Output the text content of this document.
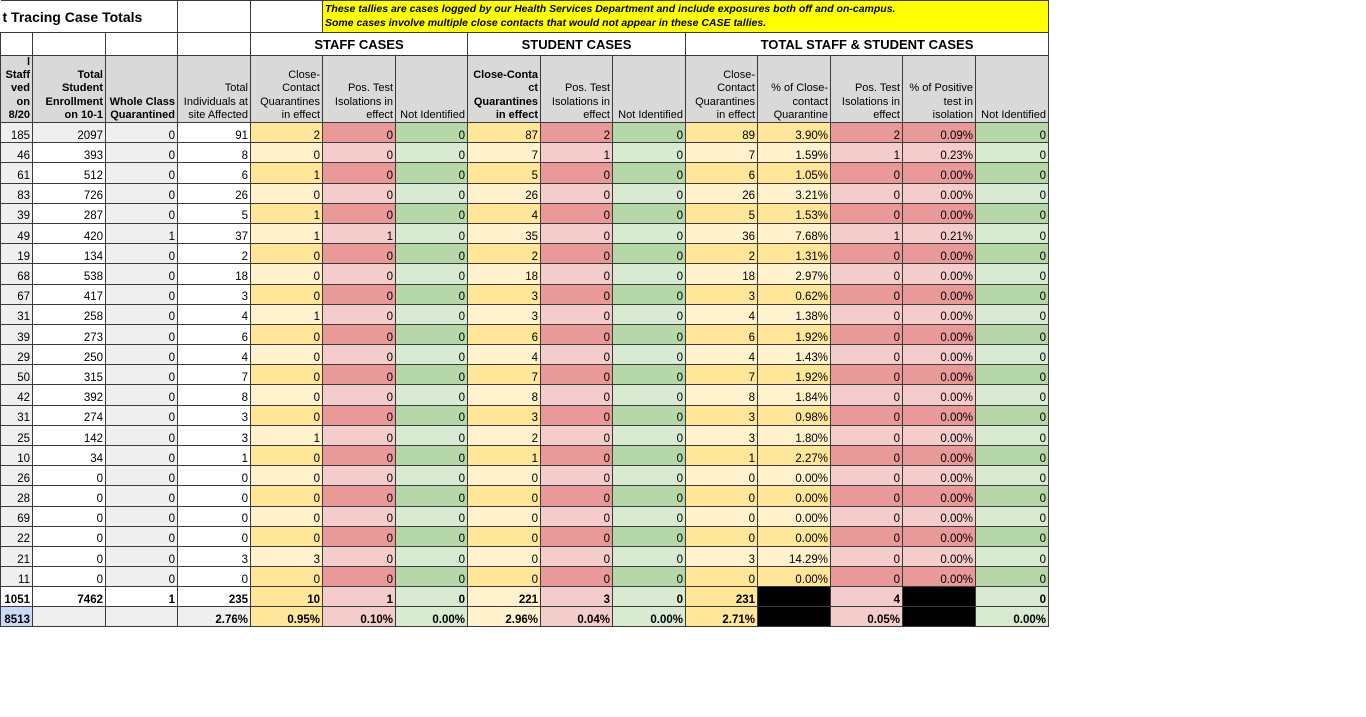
t Tracing Case Totals					These tallies are cases logged by our Health Services Department and include exposures both off and on-campus.
Some cases involve multiple close contacts that would not appear in these CASE tallies.									
				STAFF CASES			STUDENT CASES			TOTAL STAFF & STUDENT CASES				
l Staff ved on 8/20	Total Student Enrollment on 10-1	Whole Class Quarantined	Total Individuals at site Affected	Close-Contact Quarantines in effect	Pos. Test Isolations in effect	Not Identified	Close-Conta ct Quarantines in effect	Pos. Test Isolations in effect	Not Identified	Close-Contact Quarantines in effect	% of Close-contact Quarantine	Pos. Test Isolations in effect	% of Positive test in isolation	Not Identified
185	2097	0	91	2	0	0	87	2	0	89	3.90%	2	0.09%	0
46	393	0	8	0	0	0	7	1	0	7	1.59%	1	0.23%	0
61	512	0	6	1	0	0	5	0	0	6	1.05%	0	0.00%	0
83	726	0	26	0	0	0	26	0	0	26	3.21%	0	0.00%	0
39	287	0	5	1	0	0	4	0	0	5	1.53%	0	0.00%	0
49	420	1	37	1	1	0	35	0	0	36	7.68%	1	0.21%	0
19	134	0	2	0	0	0	2	0	0	2	1.31%	0	0.00%	0
68	538	0	18	0	0	0	18	0	0	18	2.97%	0	0.00%	0
67	417	0	3	0	0	0	3	0	0	3	0.62%	0	0.00%	0
31	258	0	4	1	0	0	3	0	0	4	1.38%	0	0.00%	0
39	273	0	6	0	0	0	6	0	0	6	1.92%	0	0.00%	0
29	250	0	4	0	0	0	4	0	0	4	1.43%	0	0.00%	0
50	315	0	7	0	0	0	7	0	0	7	1.92%	0	0.00%	0
42	392	0	8	0	0	0	8	0	0	8	1.84%	0	0.00%	0
31	274	0	3	0	0	0	3	0	0	3	0.98%	0	0.00%	0
25	142	0	3	1	0	0	2	0	0	3	1.80%	0	0.00%	0
10	34	0	1	0	0	0	1	0	0	1	2.27%	0	0.00%	0
26	0	0	0	0	0	0	0	0	0	0	0.00%	0	0.00%	0
28	0	0	0	0	0	0	0	0	0	0	0.00%	0	0.00%	0
69	0	0	0	0	0	0	0	0	0	0	0.00%	0	0.00%	0
22	0	0	0	0	0	0	0	0	0	0	0.00%	0	0.00%	0
21	0	0	3	3	0	0	0	0	0	3	14.29%	0	0.00%	0
11	0	0	0	0	0	0	0	0	0	0	0.00%	0	0.00%	0
1051	7462	1	235	10	1	0	221	3	0	231		4		0
8513			2.76%	0.95%	0.10%	0.00%	2.96%	0.04%	0.00%	2.71%		0.05%		0.00%
